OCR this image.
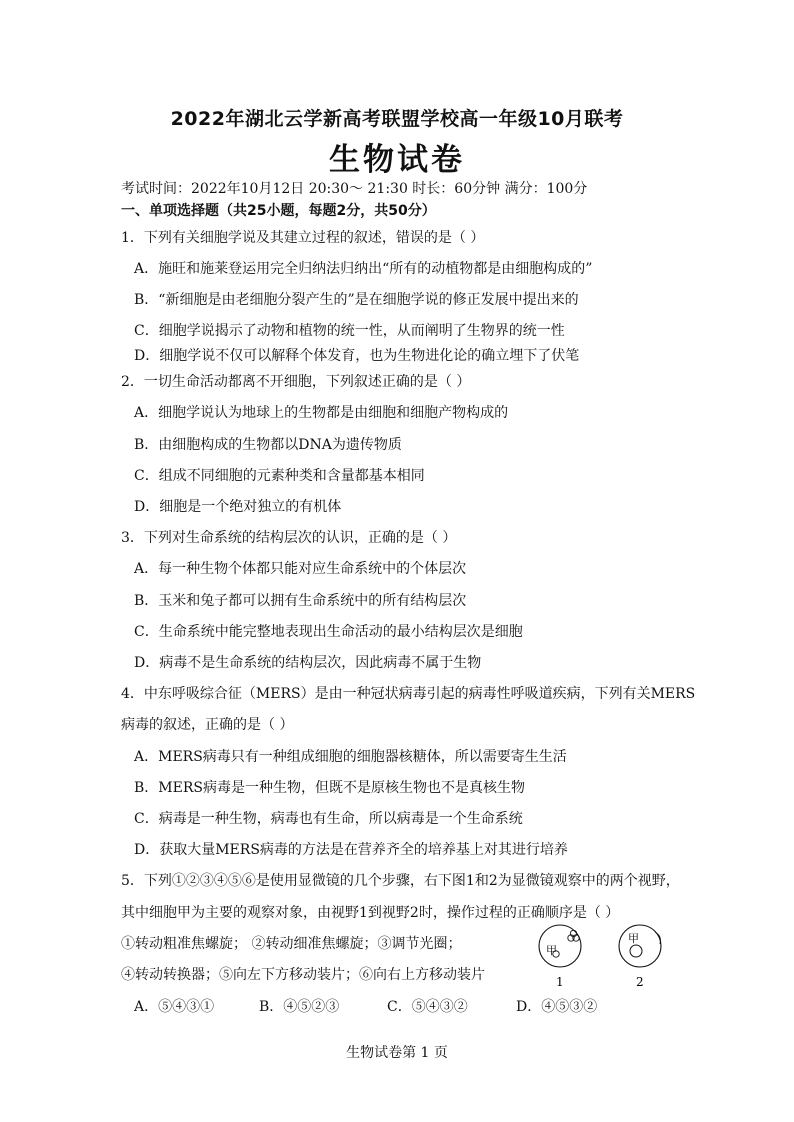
2022年湖北云学新高考联盟学校高一年级10月联考
生物试卷
考试时间：2022年10月12日 20:30～ 21:30 时长：60分钟 满分：100分
一、单项选择题（共25小题，每题2分，共50分）
1．下列有关细胞学说及其建立过程的叙述，错误的是（ ）
A．施旺和施莱登运用完全归纳法归纳出“所有的动植物都是由细胞构成的”
B．“新细胞是由老细胞分裂产生的”是在细胞学说的修正发展中提出来的
C．细胞学说揭示了动物和植物的统一性，从而阐明了生物界的统一性
D．细胞学说不仅可以解释个体发育，也为生物进化论的确立埋下了伏笔
2．一切生命活动都离不开细胞，下列叙述正确的是（ ）
A．细胞学说认为地球上的生物都是由细胞和细胞产物构成的
B．由细胞构成的生物都以DNA为遗传物质
C．组成不同细胞的元素种类和含量都基本相同
D．细胞是一个绝对独立的有机体
3．下列对生命系统的结构层次的认识，正确的是（ ）
A．每一种生物个体都只能对应生命系统中的个体层次
B．玉米和兔子都可以拥有生命系统中的所有结构层次
C．生命系统中能完整地表现出生命活动的最小结构层次是细胞
D．病毒不是生命系统的结构层次，因此病毒不属于生物
4．中东呼吸综合征（MERS）是由一种冠状病毒引起的病毒性呼吸道疾病，下列有关MERS
病毒的叙述，正确的是（ ）
A．MERS病毒只有一种组成细胞的细胞器核糖体，所以需要寄生生活
B．MERS病毒是一种生物，但既不是原核生物也不是真核生物
C．病毒是一种生物，病毒也有生命，所以病毒是一个生命系统
D．获取大量MERS病毒的方法是在营养齐全的培养基上对其进行培养
5．下列①②③④⑤⑥是使用显微镜的几个步骤，右下图1和2为显微镜观察中的两个视野，
其中细胞甲为主要的观察对象，由视野1到视野2时，操作过程的正确顺序是（ ）
①转动粗准焦螺旋； ②转动细准焦螺旋；③调节光圈；
④转动转换器；⑤向左下方移动装片；⑥向右上方移动装片
A．⑤④③①	B．④⑤②③	C．⑤④③②	D．④⑤③②
甲
1
甲
2
生物试卷第 1 页
